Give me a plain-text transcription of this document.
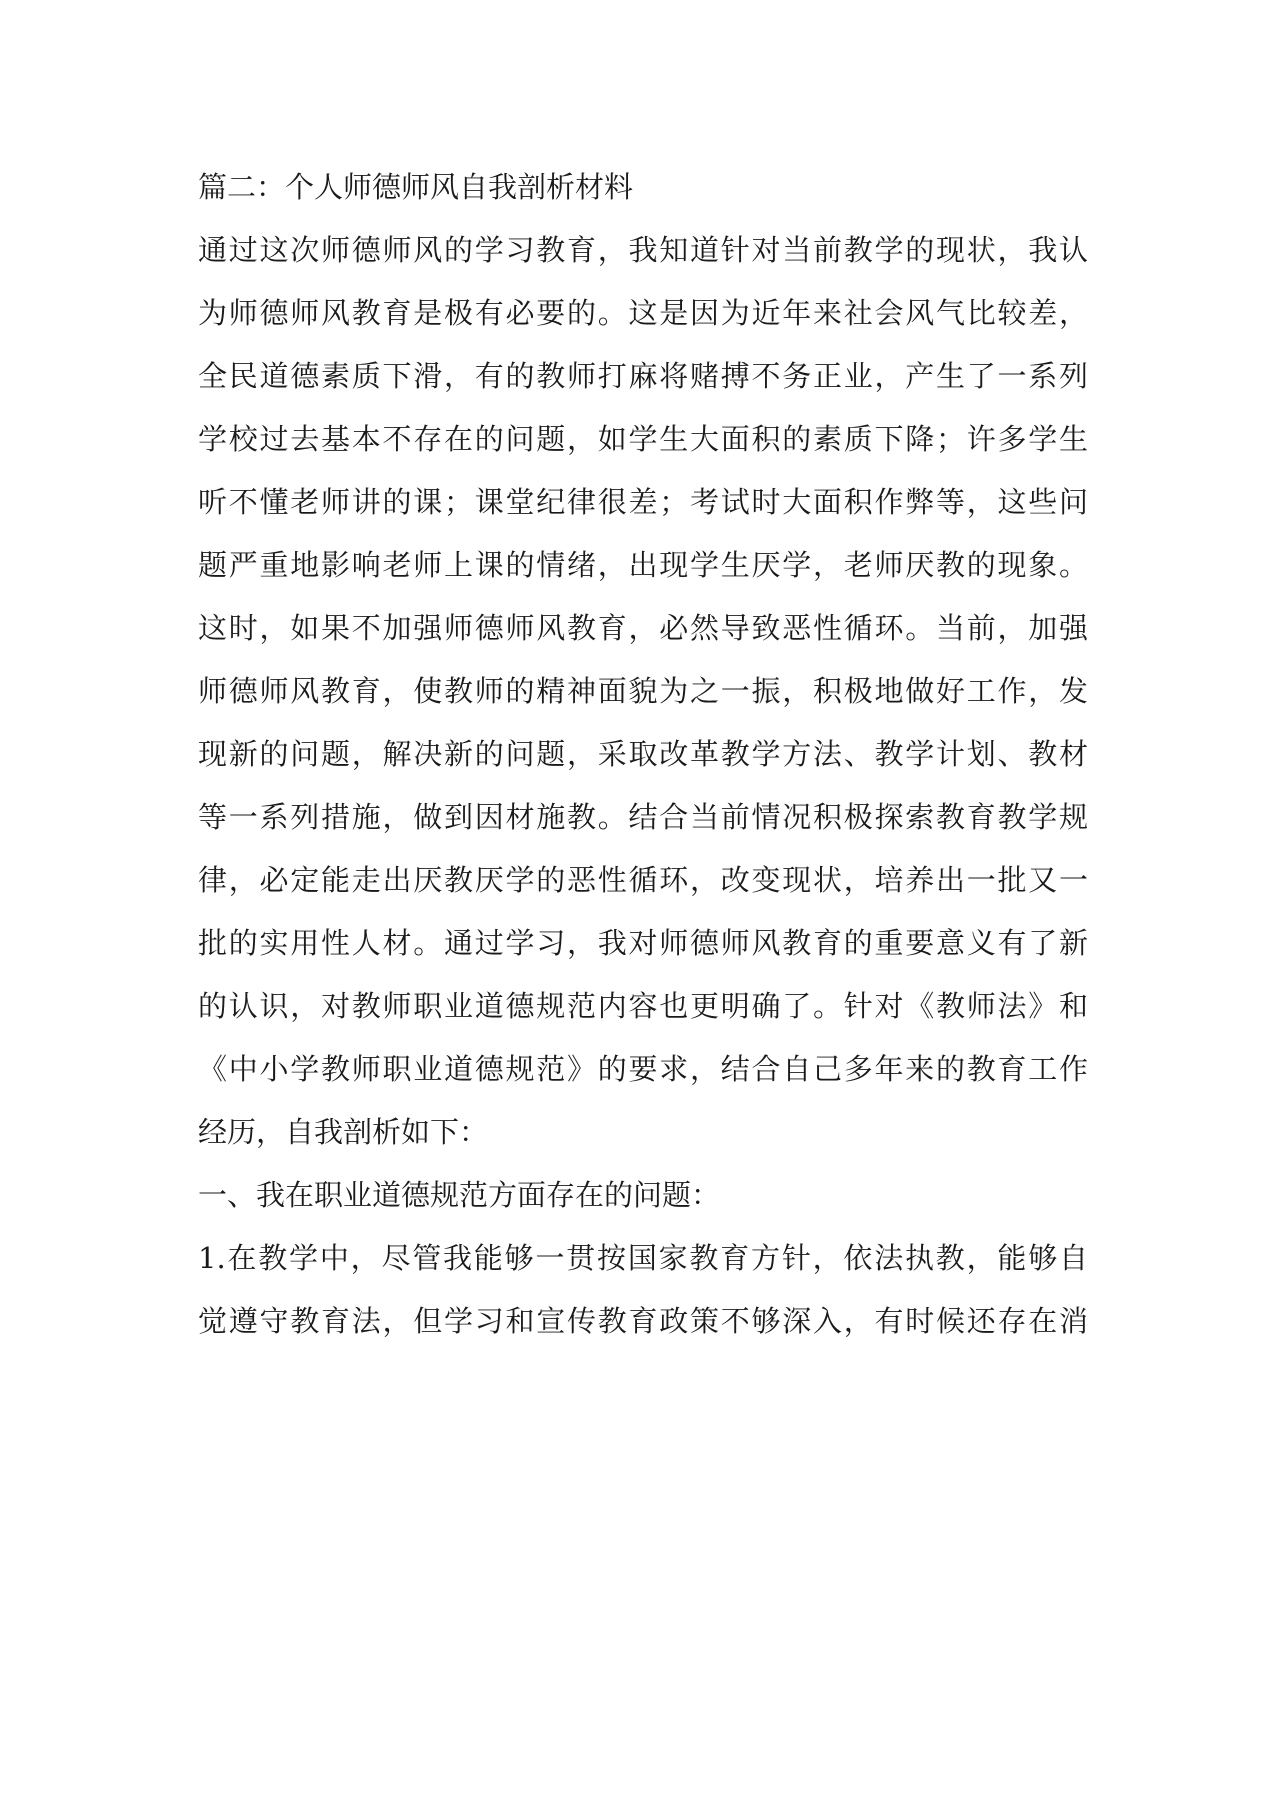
篇二：个人师德师风自我剖析材料
通过这次师德师风的学习教育，我知道针对当前教学的现状，我认
为师德师风教育是极有必要的。这是因为近年来社会风气比较差，
全民道德素质下滑，有的教师打麻将赌搏不务正业，产生了一系列
学校过去基本不存在的问题，如学生大面积的素质下降；许多学生
听不懂老师讲的课；课堂纪律很差；考试时大面积作弊等，这些问
题严重地影响老师上课的情绪，出现学生厌学，老师厌教的现象。
这时，如果不加强师德师风教育，必然导致恶性循环。当前，加强
师德师风教育，使教师的精神面貌为之一振，积极地做好工作，发
现新的问题，解决新的问题，采取改革教学方法、教学计划、教材
等一系列措施，做到因材施教。结合当前情况积极探索教育教学规
律，必定能走出厌教厌学的恶性循环，改变现状，培养出一批又一
批的实用性人材。通过学习，我对师德师风教育的重要意义有了新
的认识，对教师职业道德规范内容也更明确了。针对《教师法》和
《中小学教师职业道德规范》的要求，结合自己多年来的教育工作
经历，自我剖析如下：
一、我在职业道德规范方面存在的问题：
1.在教学中，尽管我能够一贯按国家教育方针，依法执教，能够自
觉遵守教育法，但学习和宣传教育政策不够深入，有时候还存在消
